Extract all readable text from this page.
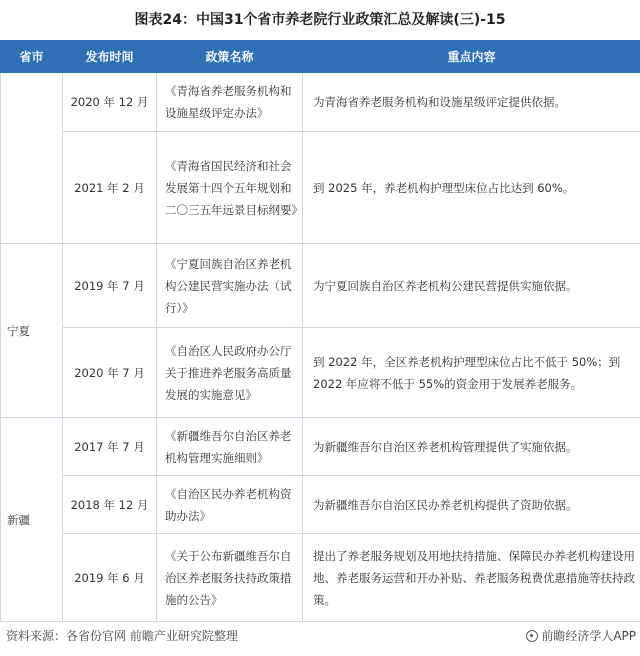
图表24：中国31个省市养老院行业政策汇总及解读(三)-15
省市	发布时间	政策名称	重点内容
	2020 年 12 月	《青海省养老服务机构和设施星级评定办法》	为青海省养老服务机构和设施星级评定提供依据。
	2021 年 2 月	《青海省国民经济和社会发展第十四个五年规划和二〇三五年远景目标纲要》	到 2025 年，养老机构护理型床位占比达到 60%。
宁夏	2019 年 7 月	《宁夏回族自治区养老机构公建民营实施办法（试行）》	为宁夏回族自治区养老机构公建民营提供实施依据。
	2020 年 7 月	《自治区人民政府办公厅关于推进养老服务高质量发展的实施意见》	到 2022 年，全区养老机构护理型床位占比不低于 50%；到 2022 年应将不低于 55%的资金用于发展养老服务。
新疆	2017 年 7 月	《新疆维吾尔自治区养老机构管理实施细则》	为新疆维吾尔自治区养老机构管理提供了实施依据。
	2018 年 12 月	《自治区民办养老机构资助办法》	为新疆维吾尔自治区民办养老机构提供了资助依据。
	2019 年 6 月	《关于公布新疆维吾尔自治区养老服务扶持政策措施的公告》	提出了养老服务规划及用地扶持措施、保障民办养老机构建设用地、养老服务运营和开办补贴、养老服务税费优惠措施等扶持政策。
资料来源：各省份官网 前瞻产业研究院整理	前瞻经济学人APP
